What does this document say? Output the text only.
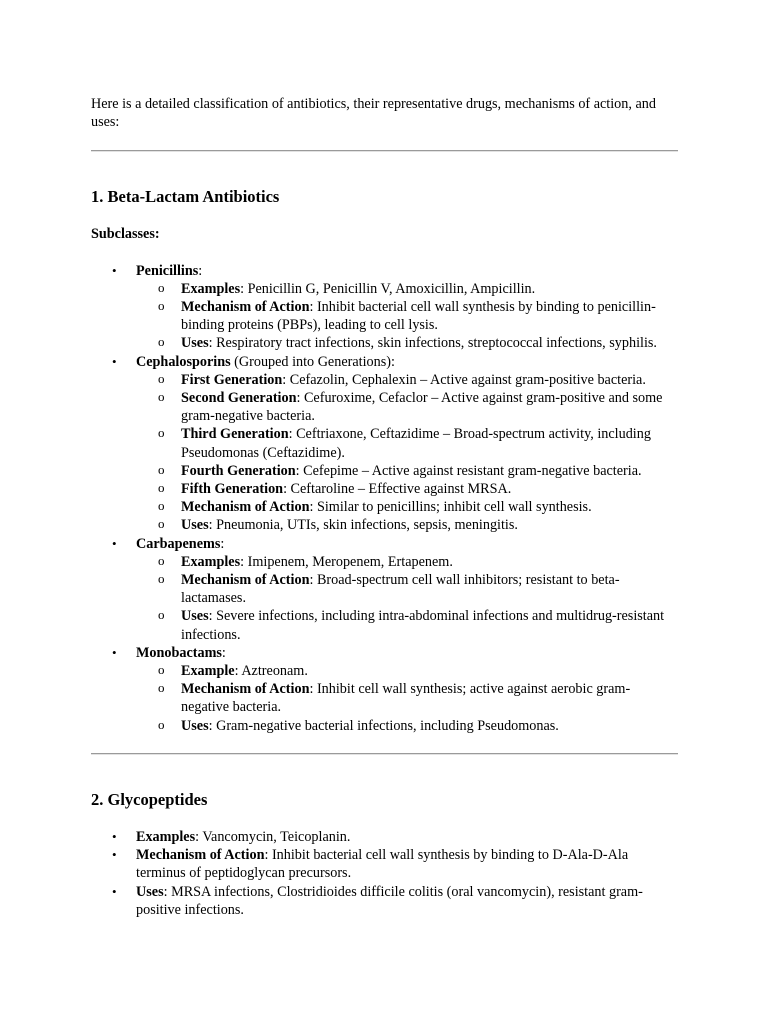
Here is a detailed classification of antibiotics, their representative drugs, mechanisms of action, and uses:

1. Beta-Lactam Antibiotics

Subclasses:

• Penicillins:
o Examples: Penicillin G, Penicillin V, Amoxicillin, Ampicillin.
o Mechanism of Action: Inhibit bacterial cell wall synthesis by binding to penicillin-binding proteins (PBPs), leading to cell lysis.
o Uses: Respiratory tract infections, skin infections, streptococcal infections, syphilis.
• Cephalosporins (Grouped into Generations):
o First Generation: Cefazolin, Cephalexin – Active against gram-positive bacteria.
o Second Generation: Cefuroxime, Cefaclor – Active against gram-positive and some gram-negative bacteria.
o Third Generation: Ceftriaxone, Ceftazidime – Broad-spectrum activity, including Pseudomonas (Ceftazidime).
o Fourth Generation: Cefepime – Active against resistant gram-negative bacteria.
o Fifth Generation: Ceftaroline – Effective against MRSA.
o Mechanism of Action: Similar to penicillins; inhibit cell wall synthesis.
o Uses: Pneumonia, UTIs, skin infections, sepsis, meningitis.
• Carbapenems:
o Examples: Imipenem, Meropenem, Ertapenem.
o Mechanism of Action: Broad-spectrum cell wall inhibitors; resistant to beta-lactamases.
o Uses: Severe infections, including intra-abdominal infections and multidrug-resistant infections.
• Monobactams:
o Example: Aztreonam.
o Mechanism of Action: Inhibit cell wall synthesis; active against aerobic gram-negative bacteria.
o Uses: Gram-negative bacterial infections, including Pseudomonas.
2. Glycopeptides
• Examples: Vancomycin, Teicoplanin.
• Mechanism of Action: Inhibit bacterial cell wall synthesis by binding to D-Ala-D-Ala terminus of peptidoglycan precursors.
• Uses: MRSA infections, Clostridioides difficile colitis (oral vancomycin), resistant gram-positive infections.
